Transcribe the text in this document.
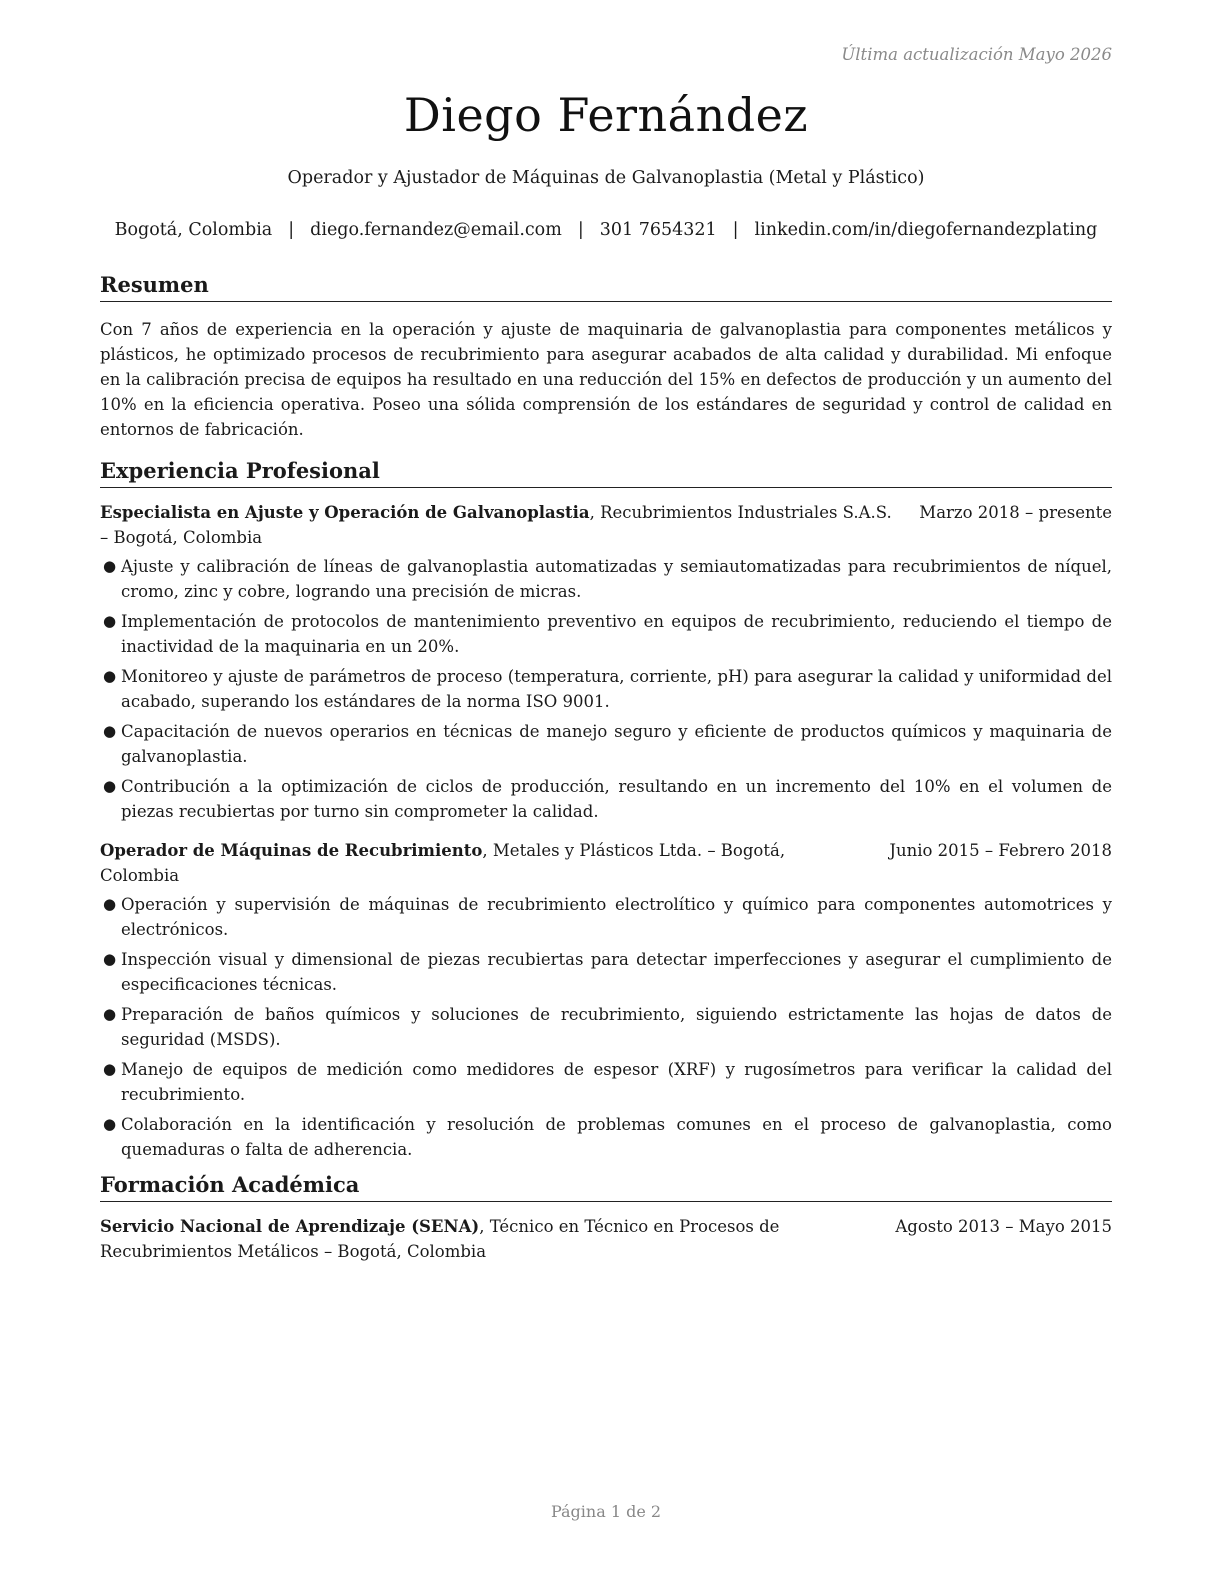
Última actualización Mayo 2026
Diego Fernández
Operador y Ajustador de Máquinas de Galvanoplastia (Metal y Plástico)
Bogotá, Colombia | diego.fernandez@email.com | 301 7654321 | linkedin.com/in/diegofernandezplating
Resumen

Con 7 años de experiencia en la operación y ajuste de maquinaria de galvanoplastia para componentes metálicos y plásticos, he optimizado procesos de recubrimiento para asegurar acabados de alta calidad y durabilidad. Mi enfoque en la calibración precisa de equipos ha resultado en una reducción del 15% en defectos de producción y un aumento del 10% en la eficiencia operativa. Poseo una sólida comprensión de los estándares de seguridad y control de calidad en entornos de fabricación.

Experiencia Profesional
Especialista en Ajuste y Operación de Galvanoplastia, Recubrimientos Industriales S.A.S. – Bogotá, Colombia
Marzo 2018 – presente
● Ajuste y calibración de líneas de galvanoplastia automatizadas y semiautomatizadas para recubrimientos de níquel, cromo, zinc y cobre, logrando una precisión de micras.
● Implementación de protocolos de mantenimiento preventivo en equipos de recubrimiento, reduciendo el tiempo de inactividad de la maquinaria en un 20%.
● Monitoreo y ajuste de parámetros de proceso (temperatura, corriente, pH) para asegurar la calidad y uniformidad del acabado, superando los estándares de la norma ISO 9001.
● Capacitación de nuevos operarios en técnicas de manejo seguro y eficiente de productos químicos y maquinaria de galvanoplastia.
● Contribución a la optimización de ciclos de producción, resultando en un incremento del 10% en el volumen de piezas recubiertas por turno sin comprometer la calidad.
Operador de Máquinas de Recubrimiento, Metales y Plásticos Ltda. – Bogotá, Colombia
Junio 2015 – Febrero 2018
● Operación y supervisión de máquinas de recubrimiento electrolítico y químico para componentes automotrices y electrónicos.
● Inspección visual y dimensional de piezas recubiertas para detectar imperfecciones y asegurar el cumplimiento de especificaciones técnicas.
● Preparación de baños químicos y soluciones de recubrimiento, siguiendo estrictamente las hojas de datos de seguridad (MSDS).
● Manejo de equipos de medición como medidores de espesor (XRF) y rugosímetros para verificar la calidad del recubrimiento.
● Colaboración en la identificación y resolución de problemas comunes en el proceso de galvanoplastia, como quemaduras o falta de adherencia.
Formación Académica
Servicio Nacional de Aprendizaje (SENA), Técnico en Técnico en Procesos de Recubrimientos Metálicos – Bogotá, Colombia
Agosto 2013 – Mayo 2015
Página 1 de 2
